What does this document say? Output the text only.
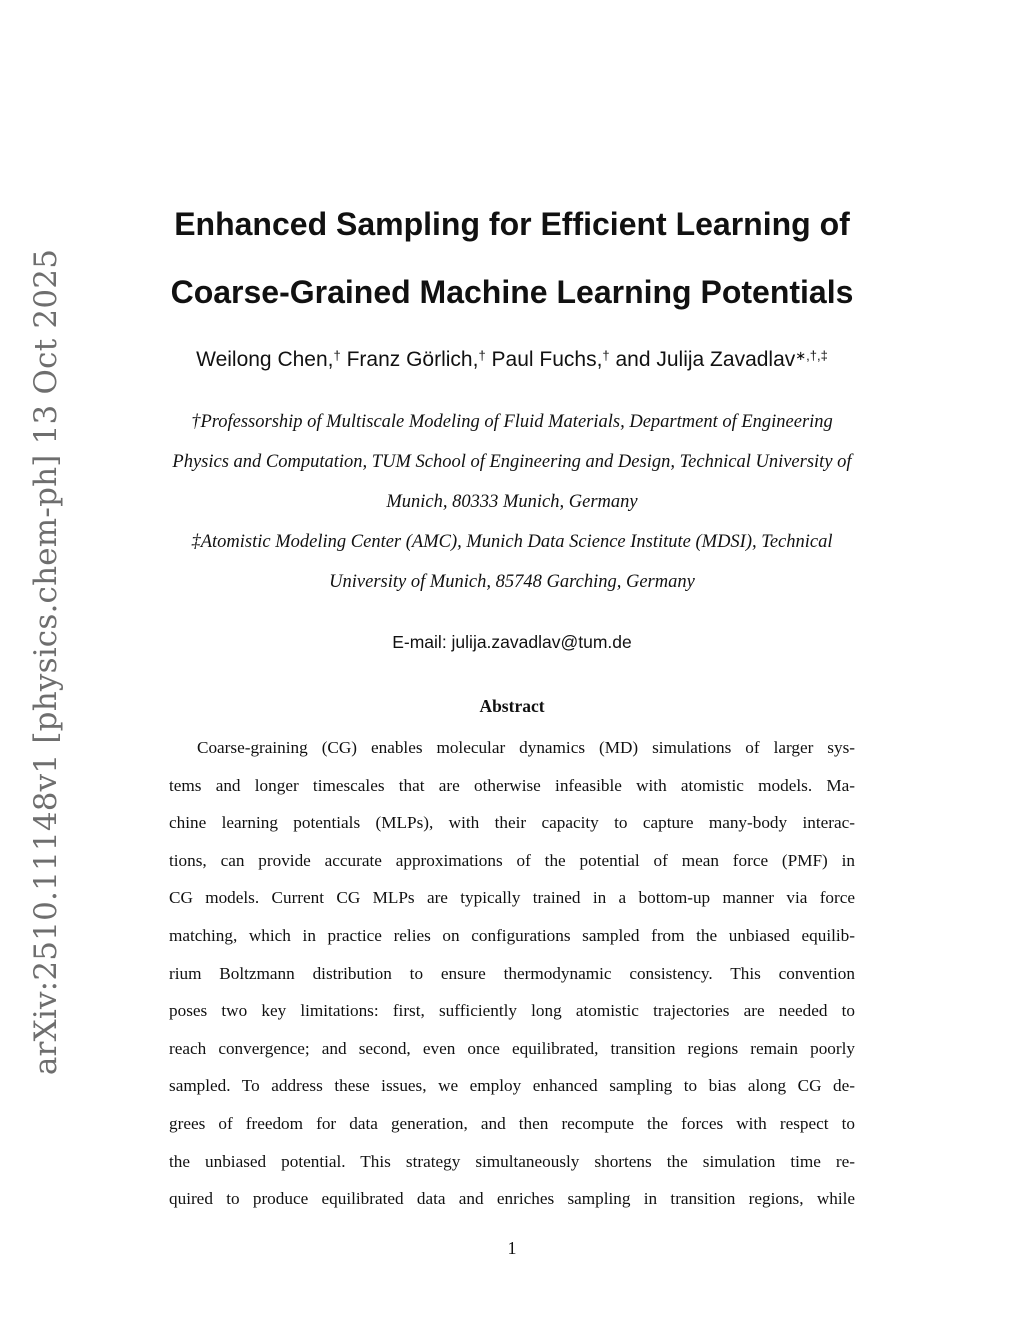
arXiv:2510.11148v1 [physics.chem-ph] 13 Oct 2025
Enhanced Sampling for Efficient Learning of
Coarse-Grained Machine Learning Potentials
Weilong Chen,† Franz Görlich,† Paul Fuchs,† and Julija Zavadlav∗,†,‡
†Professorship of Multiscale Modeling of Fluid Materials, Department of Engineering
Physics and Computation, TUM School of Engineering and Design, Technical University of
Munich, 80333 Munich, Germany
‡Atomistic Modeling Center (AMC), Munich Data Science Institute (MDSI), Technical
University of Munich, 85748 Garching, Germany
E-mail: julija.zavadlav@tum.de
Abstract
Coarse-graining (CG) enables molecular dynamics (MD) simulations of larger sys-
tems and longer timescales that are otherwise infeasible with atomistic models. Ma-
chine learning potentials (MLPs), with their capacity to capture many-body interac-
tions, can provide accurate approximations of the potential of mean force (PMF) in
CG models. Current CG MLPs are typically trained in a bottom-up manner via force
matching, which in practice relies on configurations sampled from the unbiased equilib-
rium Boltzmann distribution to ensure thermodynamic consistency. This convention
poses two key limitations: first, sufficiently long atomistic trajectories are needed to
reach convergence; and second, even once equilibrated, transition regions remain poorly
sampled. To address these issues, we employ enhanced sampling to bias along CG de-
grees of freedom for data generation, and then recompute the forces with respect to
the unbiased potential. This strategy simultaneously shortens the simulation time re-
quired to produce equilibrated data and enriches sampling in transition regions, while
1
